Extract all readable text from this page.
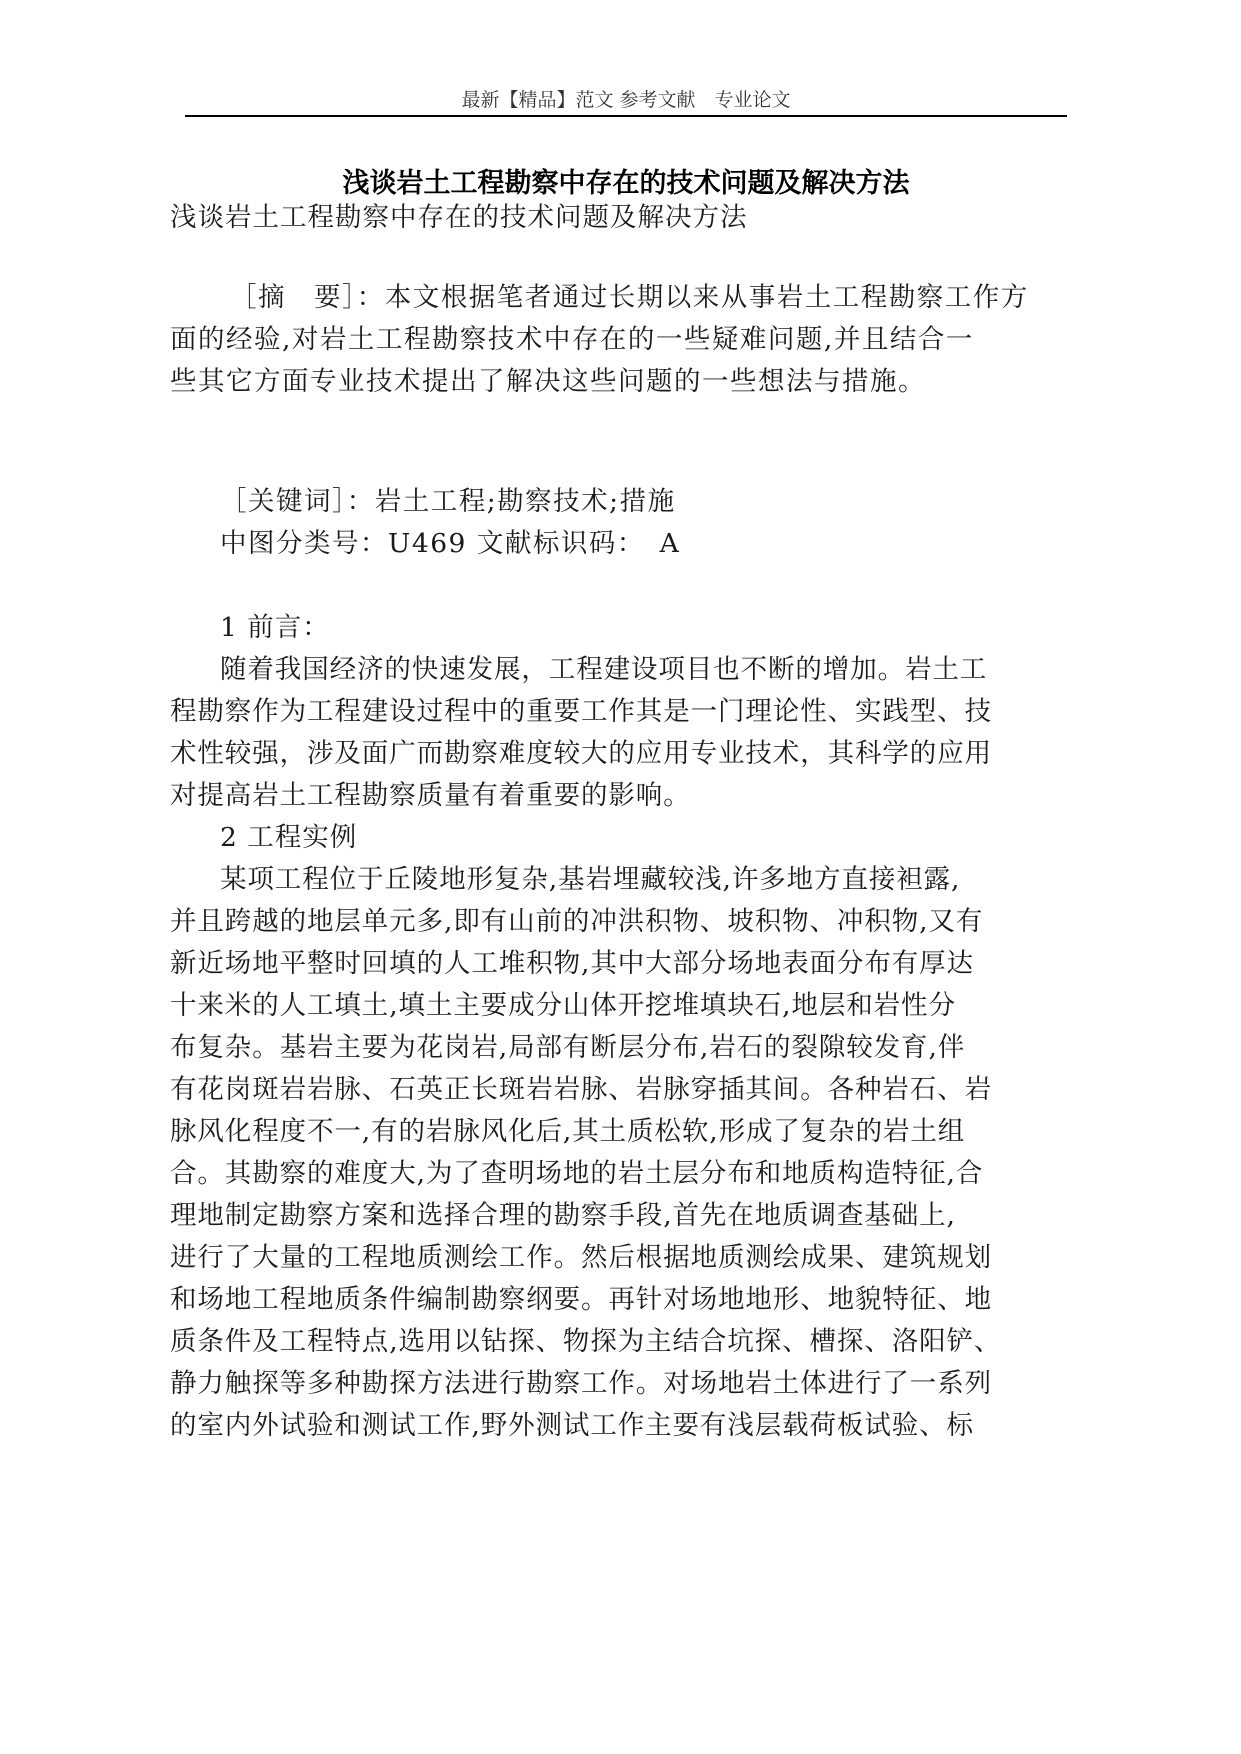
最新【精品】范文 参考文献　专业论文
浅谈岩土工程勘察中存在的技术问题及解决方法
浅谈岩土工程勘察中存在的技术问题及解决方法
［摘　要］：本文根据笔者通过长期以来从事岩土工程勘察工作方
面的经验,对岩土工程勘察技术中存在的一些疑难问题,并且结合一
些其它方面专业技术提出了解决这些问题的一些想法与措施。
［关键词］：岩土工程;勘察技术;措施
中图分类号：U469 文献标识码：　A
1 前言：
随着我国经济的快速发展，工程建设项目也不断的增加。岩土工
程勘察作为工程建设过程中的重要工作其是一门理论性、实践型、技
术性较强，涉及面广而勘察难度较大的应用专业技术，其科学的应用
对提高岩土工程勘察质量有着重要的影响。
2 工程实例
某项工程位于丘陵地形复杂,基岩埋藏较浅,许多地方直接袒露,
并且跨越的地层单元多,即有山前的冲洪积物、坡积物、冲积物,又有
新近场地平整时回填的人工堆积物,其中大部分场地表面分布有厚达
十来米的人工填土,填土主要成分山体开挖堆填块石,地层和岩性分
布复杂。基岩主要为花岗岩,局部有断层分布,岩石的裂隙较发育,伴
有花岗斑岩岩脉、石英正长斑岩岩脉、岩脉穿插其间。各种岩石、岩
脉风化程度不一,有的岩脉风化后,其土质松软,形成了复杂的岩土组
合。其勘察的难度大,为了查明场地的岩土层分布和地质构造特征,合
理地制定勘察方案和选择合理的勘察手段,首先在地质调查基础上,
进行了大量的工程地质测绘工作。然后根据地质测绘成果、建筑规划
和场地工程地质条件编制勘察纲要。再针对场地地形、地貌特征、地
质条件及工程特点,选用以钻探、物探为主结合坑探、槽探、洛阳铲、
静力触探等多种勘探方法进行勘察工作。对场地岩土体进行了一系列
的室内外试验和测试工作,野外测试工作主要有浅层载荷板试验、标
